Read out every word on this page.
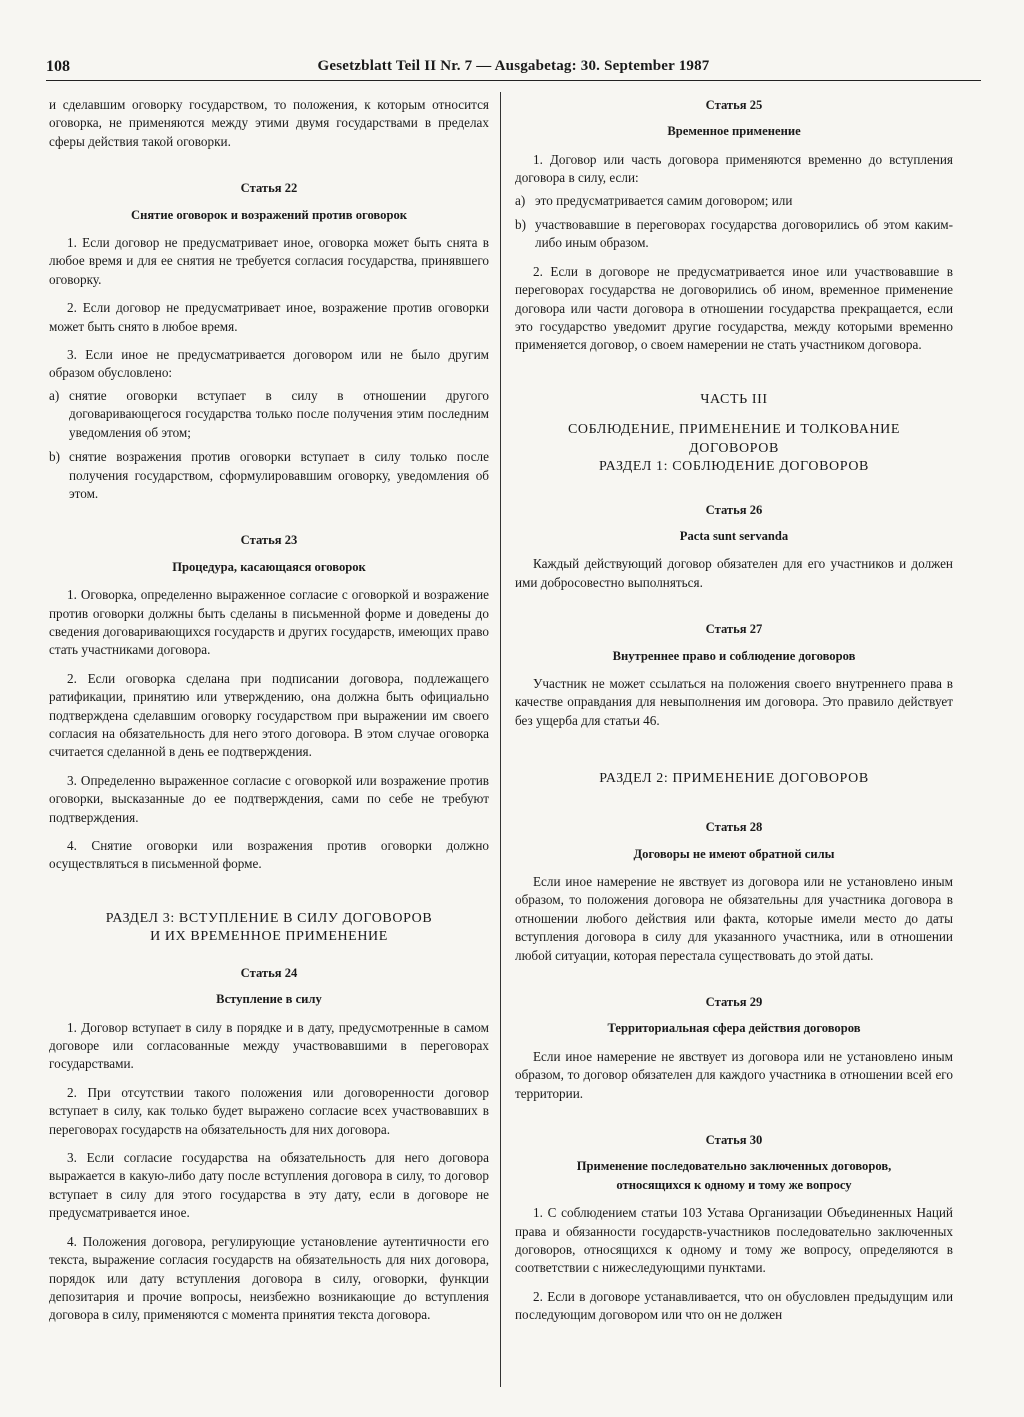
108	Gesetzblatt Teil II Nr. 7 — Ausgabetag: 30. September 1987

и сделавшим оговорку государством, то положения, к которым относится оговорка, не применяются между этими двумя государствами в пределах сферы действия такой оговорки.

Статья 22
Снятие оговорок и возражений против оговорок

1. Если договор не предусматривает иное, оговорка может быть снята в любое время и для ее снятия не требуется согласия государства, принявшего оговорку.

2. Если договор не предусматривает иное, возражение против оговорки может быть снято в любое время.

3. Если иное не предусматривается договором или не было другим образом обусловлено:

a) снятие оговорки вступает в силу в отношении другого договаривающегося государства только после получения этим последним уведомления об этом;
b) снятие возражения против оговорки вступает в силу только после получения государством, сформулировавшим оговорку, уведомления об этом.
Статья 23
Процедура, касающаяся оговорок

1. Оговорка, определенно выраженное согласие с оговоркой и возражение против оговорки должны быть сделаны в письменной форме и доведены до сведения договаривающихся государств и других государств, имеющих право стать участниками договора.

2. Если оговорка сделана при подписании договора, подлежащего ратификации, принятию или утверждению, она должна быть официально подтверждена сделавшим оговорку государством при выражении им своего согласия на обязательность для него этого договора. В этом случае оговорка считается сделанной в день ее подтверждения.

3. Определенно выраженное согласие с оговоркой или возражение против оговорки, высказанные до ее подтверждения, сами по себе не требуют подтверждения.

4. Снятие оговорки или возражения против оговорки должно осуществляться в письменной форме.

РАЗДЕЛ 3: ВСТУПЛЕНИЕ В СИЛУ ДОГОВОРОВ
И ИХ ВРЕМЕННОЕ ПРИМЕНЕНИЕ
Статья 24
Вступление в силу

1. Договор вступает в силу в порядке и в дату, предусмотренные в самом договоре или согласованные между участвовавшими в переговорах государствами.

2. При отсутствии такого положения или договоренности договор вступает в силу, как только будет выражено согласие всех участвовавших в переговорах государств на обязательность для них договора.

3. Если согласие государства на обязательность для него договора выражается в какую-либо дату после вступления договора в силу, то договор вступает в силу для этого государства в эту дату, если в договоре не предусматривается иное.

4. Положения договора, регулирующие установление аутентичности его текста, выражение согласия государств на обязательность для них договора, порядок или дату вступления договора в силу, оговорки, функции депозитария и прочие вопросы, неизбежно возникающие до вступления договора в силу, применяются с момента принятия текста договора.

Статья 25
Временное применение

1. Договор или часть договора применяются временно до вступления договора в силу, если:

a) это предусматривается самим договором; или
b) участвовавшие в переговорах государства договорились об этом каким-либо иным образом.

2. Если в договоре не предусматривается иное или участвовавшие в переговорах государства не договорились об ином, временное применение договора или части договора в отношении государства прекращается, если это государство уведомит другие государства, между которыми временно применяется договор, о своем намерении не стать участником договора.

ЧАСТЬ III
СОБЛЮДЕНИЕ, ПРИМЕНЕНИЕ И ТОЛКОВАНИЕ
ДОГОВОРОВ
РАЗДЕЛ 1: СОБЛЮДЕНИЕ ДОГОВОРОВ
Статья 26
Pacta sunt servanda

Каждый действующий договор обязателен для его участников и должен ими добросовестно выполняться.

Статья 27
Внутреннее право и соблюдение договоров

Участник не может ссылаться на положения своего внутреннего права в качестве оправдания для невыполнения им договора. Это правило действует без ущерба для статьи 46.

РАЗДЕЛ 2: ПРИМЕНЕНИЕ ДОГОВОРОВ
Статья 28
Договоры не имеют обратной силы

Если иное намерение не явствует из договора или не установлено иным образом, то положения договора не обязательны для участника договора в отношении любого действия или факта, которые имели место до даты вступления договора в силу для указанного участника, или в отношении любой ситуации, которая перестала существовать до этой даты.

Статья 29
Территориальная сфера действия договоров

Если иное намерение не явствует из договора или не установлено иным образом, то договор обязателен для каждого участника в отношении всей его территории.

Статья 30
Применение последовательно заключенных договоров,
относящихся к одному и тому же вопросу

1. С соблюдением статьи 103 Устава Организации Объединенных Наций права и обязанности государств-участников последовательно заключенных договоров, относящихся к одному и тому же вопросу, определяются в соответствии с нижеследующими пунктами.

2. Если в договоре устанавливается, что он обусловлен предыдущим или последующим договором или что он не должен
